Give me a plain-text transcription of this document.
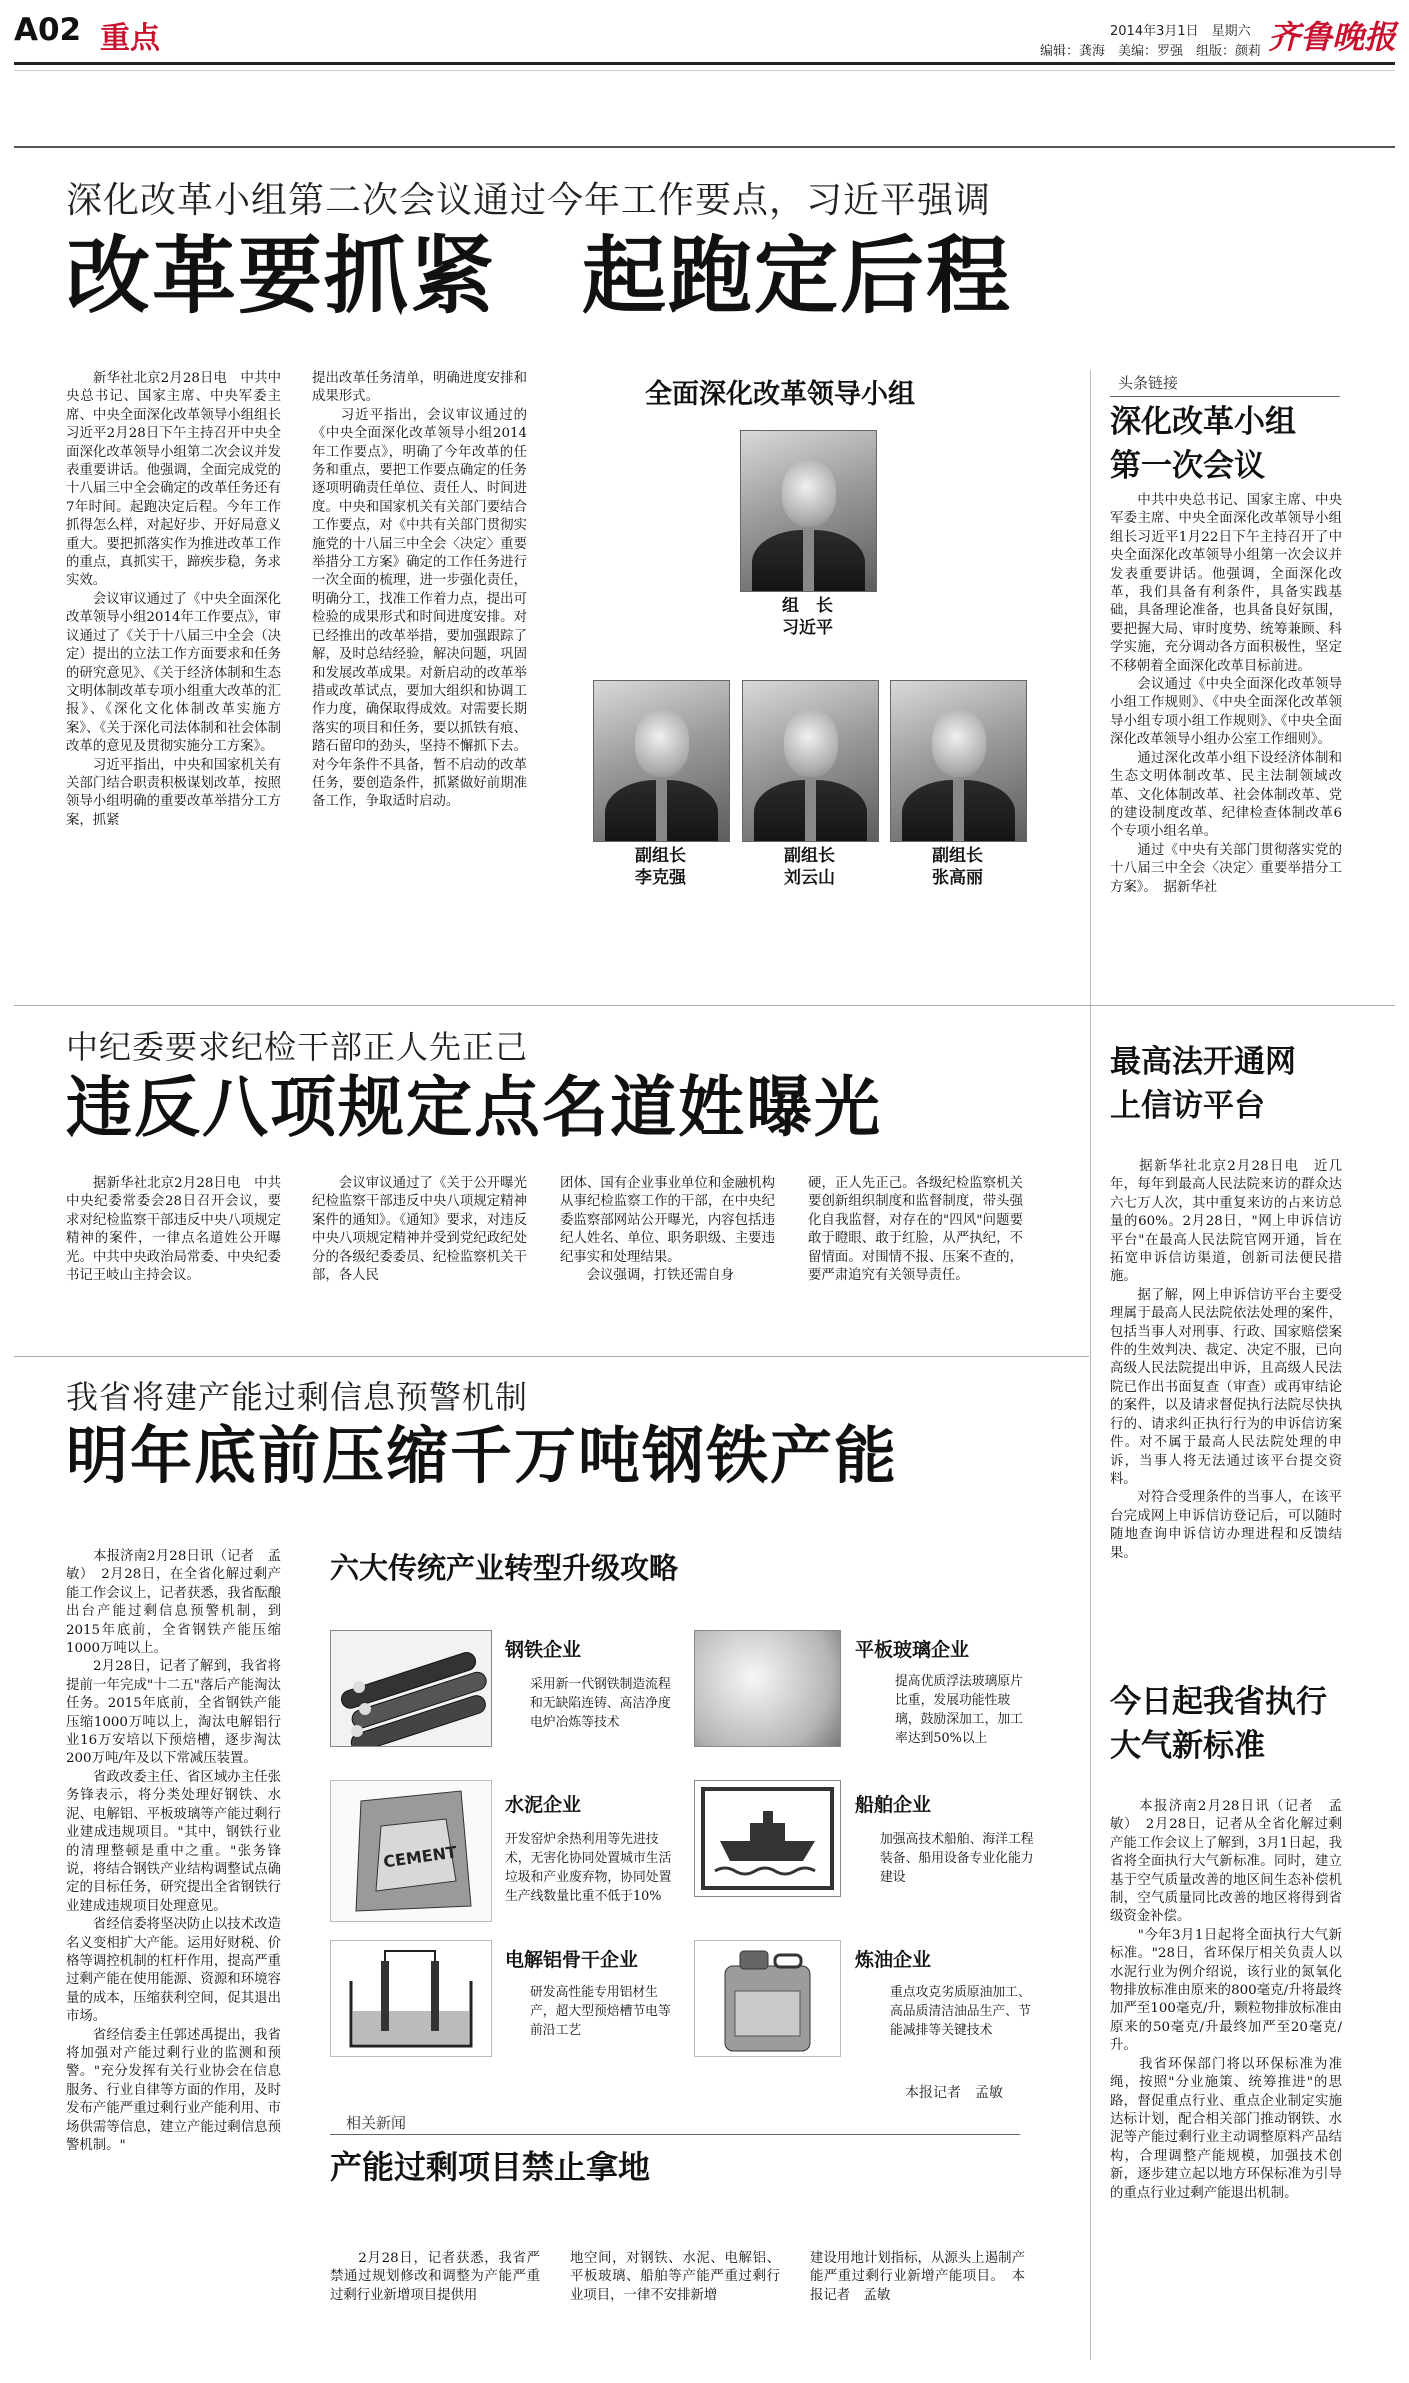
A02 重点	2014年3月1日　星期六
编辑：龚海　美编：罗强　组版：颜莉 齐鲁晚报
深化改革小组第二次会议通过今年工作要点，习近平强调
改革要抓紧　起跑定后程
　　新华社北京2月28日电　中共中央总书记、国家主席、中央军委主席、中央全面深化改革领导小组组长习近平2月28日下午主持召开中央全面深化改革领导小组第二次会议并发表重要讲话。他强调，全面完成党的十八届三中全会确定的改革任务还有7年时间。起跑决定后程。今年工作抓得怎么样，对起好步、开好局意义重大。要把抓落实作为推进改革工作的重点，真抓实干，蹄疾步稳，务求实效。
　　会议审议通过了《中央全面深化改革领导小组2014年工作要点》，审议通过了《关于十八届三中全会（决定）提出的立法工作方面要求和任务的研究意见》、《关于经济体制和生态文明体制改革专项小组重大改革的汇报》、《深化文化体制改革实施方案》、《关于深化司法体制和社会体制改革的意见及贯彻实施分工方案》。
　　习近平指出，中央和国家机关有关部门结合职责积极谋划改革，按照领导小组明确的重要改革举措分工方案，抓紧
提出改革任务清单，明确进度安排和成果形式。
　　习近平指出，会议审议通过的《中央全面深化改革领导小组2014年工作要点》，明确了今年改革的任务和重点，要把工作要点确定的任务逐项明确责任单位、责任人、时间进度。中央和国家机关有关部门要结合工作要点，对《中共有关部门贯彻实施党的十八届三中全会〈决定〉重要举措分工方案》确定的工作任务进行一次全面的梳理，进一步强化责任，明确分工，找准工作着力点，提出可检验的成果形式和时间进度安排。对已经推出的改革举措，要加强跟踪了解，及时总结经验，解决问题，巩固和发展改革成果。对新启动的改革举措或改革试点，要加大组织和协调工作力度，确保取得成效。对需要长期落实的项目和任务，要以抓铁有痕、踏石留印的劲头，坚持不懈抓下去。对今年条件不具备，暂不启动的改革任务，要创造条件，抓紧做好前期准备工作，争取适时启动。
全面深化改革领导小组
组　长
习近平
副组长
李克强
副组长
刘云山
副组长
张高丽
头条链接
深化改革小组第一次会议
　　中共中央总书记、国家主席、中央军委主席、中央全面深化改革领导小组组长习近平1月22日下午主持召开了中央全面深化改革领导小组第一次会议并发表重要讲话。他强调，全面深化改革，我们具备有利条件，具备实践基础，具备理论准备，也具备良好氛围，要把握大局、审时度势、统筹兼顾、科学实施，充分调动各方面积极性，坚定不移朝着全面深化改革目标前进。
　　会议通过《中央全面深化改革领导小组工作规则》、《中央全面深化改革领导小组专项小组工作规则》、《中央全面深化改革领导小组办公室工作细则》。
　　通过深化改革小组下设经济体制和生态文明体制改革、民主法制领域改革、文化体制改革、社会体制改革、党的建设制度改革、纪律检查体制改革6个专项小组名单。
　　通过《中央有关部门贯彻落实党的十八届三中全会〈决定〉重要举措分工方案》。　据新华社
中纪委要求纪检干部正人先正己
违反八项规定点名道姓曝光
　　据新华社北京2月28日电　中共中央纪委常委会28日召开会议，要求对纪检监察干部违反中央八项规定精神的案件，一律点名道姓公开曝光。中共中央政治局常委、中央纪委书记王岐山主持会议。
　　会议审议通过了《关于公开曝光纪检监察干部违反中央八项规定精神案件的通知》。《通知》要求，对违反中央八项规定精神并受到党纪政纪处分的各级纪委委员、纪检监察机关干部，各人民
团体、国有企业事业单位和金融机构从事纪检监察工作的干部，在中央纪委监察部网站公开曝光，内容包括违纪人姓名、单位、职务职级、主要违纪事实和处理结果。
　　会议强调，打铁还需自身
硬，正人先正己。各级纪检监察机关要创新组织制度和监督制度，带头强化自我监督，对存在的"四风"问题要敢于瞪眼、敢于红脸，从严执纪，不留情面。对围情不报、压案不查的，要严肃追究有关领导责任。
最高法开通网上信访平台
　　据新华社北京2月28日电　近几年，每年到最高人民法院来访的群众达六七万人次，其中重复来访的占来访总量的60%。2月28日，"网上申诉信访平台"在最高人民法院官网开通，旨在拓宽申诉信访渠道，创新司法便民措施。
　　据了解，网上申诉信访平台主要受理属于最高人民法院依法处理的案件，包括当事人对刑事、行政、国家赔偿案件的生效判决、裁定、决定不服，已向高级人民法院提出申诉，且高级人民法院已作出书面复查（审查）或再审结论的案件，以及请求督促执行法院尽快执行的、请求纠正执行行为的申诉信访案件。对不属于最高人民法院处理的申诉，当事人将无法通过该平台提交资料。
　　对符合受理条件的当事人，在该平台完成网上申诉信访登记后，可以随时随地查询申诉信访办理进程和反馈结果。
我省将建产能过剩信息预警机制
明年底前压缩千万吨钢铁产能
　　本报济南2月28日讯（记者　孟敏）　2月28日，在全省化解过剩产能工作会议上，记者获悉，我省酝酿出台产能过剩信息预警机制，到2015年底前，全省钢铁产能压缩1000万吨以上。
　　2月28日，记者了解到，我省将提前一年完成"十二五"落后产能淘汰任务。2015年底前，全省钢铁产能压缩1000万吨以上，淘汰电解铝行业16万安培以下预焙槽，逐步淘汰200万吨/年及以下常减压装置。
　　省政改委主任、省区域办主任张务锋表示，将分类处理好钢铁、水泥、电解铝、平板玻璃等产能过剩行业建成违规项目。"其中，钢铁行业的清理整顿是重中之重。"张务锋说，将结合钢铁产业结构调整试点确定的目标任务，研究提出全省钢铁行业建成违规项目处理意见。
　　省经信委将坚决防止以技术改造名义变相扩大产能。运用好财税、价格等调控机制的杠杆作用，提高严重过剩产能在使用能源、资源和环境容量的成本，压缩获利空间，促其退出市场。
　　省经信委主任郭述禹提出，我省将加强对产能过剩行业的监测和预警。"充分发挥有关行业协会在信息服务、行业自律等方面的作用，及时发布产能严重过剩行业产能利用、市场供需等信息，建立产能过剩信息预警机制。"
六大传统产业转型升级攻略
钢铁企业
采用新一代钢铁制造流程和无缺陷连铸、高洁净度电炉冶炼等技术
平板玻璃企业
提高优质浮法玻璃原片比重，发展功能性玻璃，鼓励深加工，加工率达到50%以上
CEMENT
水泥企业
开发窑炉余热利用等先进技术，无害化协同处置城市生活垃圾和产业废弃物，协同处置生产线数量比重不低于10%
船舶企业
加强高技术船舶、海洋工程装备、船用设备专业化能力建设
电解铝骨干企业
研发高性能专用铝材生产，超大型预焙槽节电等前沿工艺
炼油企业
重点攻克劣质原油加工、高品质清洁油品生产、节能减排等关键技术
本报记者　孟敏
相关新闻
产能过剩项目禁止拿地
　　2月28日，记者获悉，我省严禁通过规划修改和调整为产能严重过剩行业新增项目提供用
地空间，对钢铁、水泥、电解铝、平板玻璃、船舶等产能严重过剩行业项目，一律不安排新增
建设用地计划指标，从源头上遏制产能严重过剩行业新增产能项目。　本报记者　孟敏
今日起我省执行大气新标准
　　本报济南2月28日讯（记者　孟敏）　2月28日，记者从全省化解过剩产能工作会议上了解到，3月1日起，我省将全面执行大气新标准。同时，建立基于空气质量改善的地区间生态补偿机制，空气质量同比改善的地区将得到省级资金补偿。
　　"今年3月1日起将全面执行大气新标准。"28日，省环保厅相关负责人以水泥行业为例介绍说，该行业的氮氧化物排放标准由原来的800毫克/升将最终加严至100毫克/升，颗粒物排放标准由原来的50毫克/升最终加严至20毫克/升。
　　我省环保部门将以环保标准为准绳，按照"分业施策、统筹推进"的思路，督促重点行业、重点企业制定实施达标计划，配合相关部门推动钢铁、水泥等产能过剩行业主动调整原料产品结构，合理调整产能规模，加强技术创新，逐步建立起以地方环保标准为引导的重点行业过剩产能退出机制。
